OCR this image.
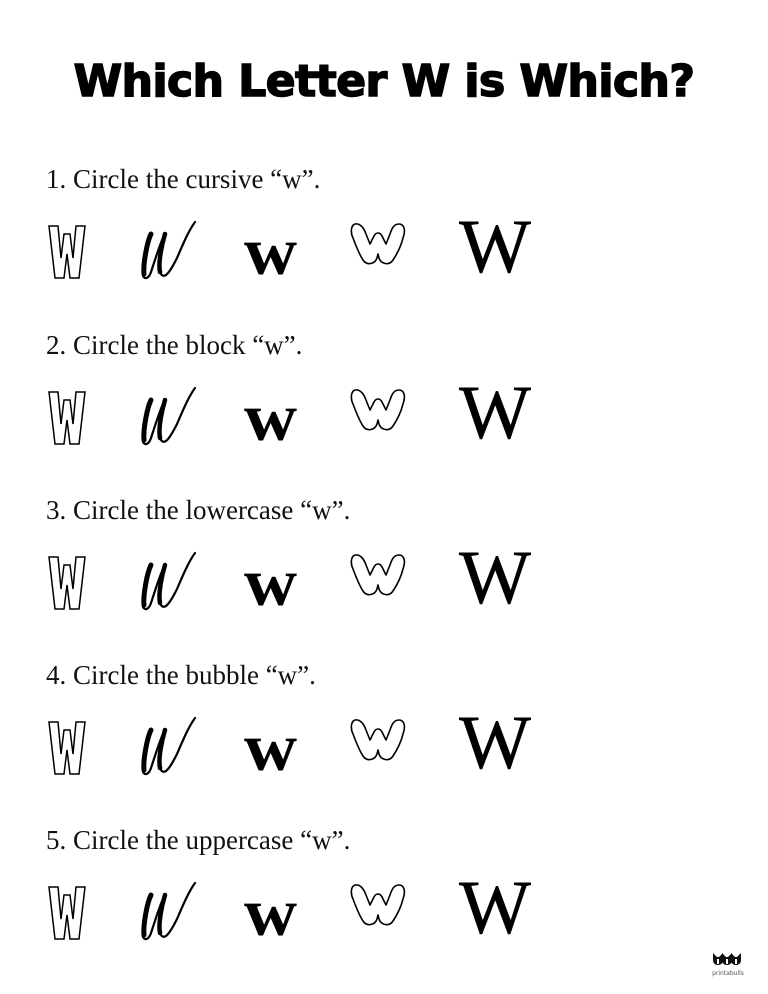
Which Letter W is Which?
1. Circle the cursive “w”.
w W
2. Circle the block “w”.
w W
3. Circle the lowercase “w”.
w W
4. Circle the bubble “w”.
w W
5. Circle the uppercase “w”.
w W
printabulls
